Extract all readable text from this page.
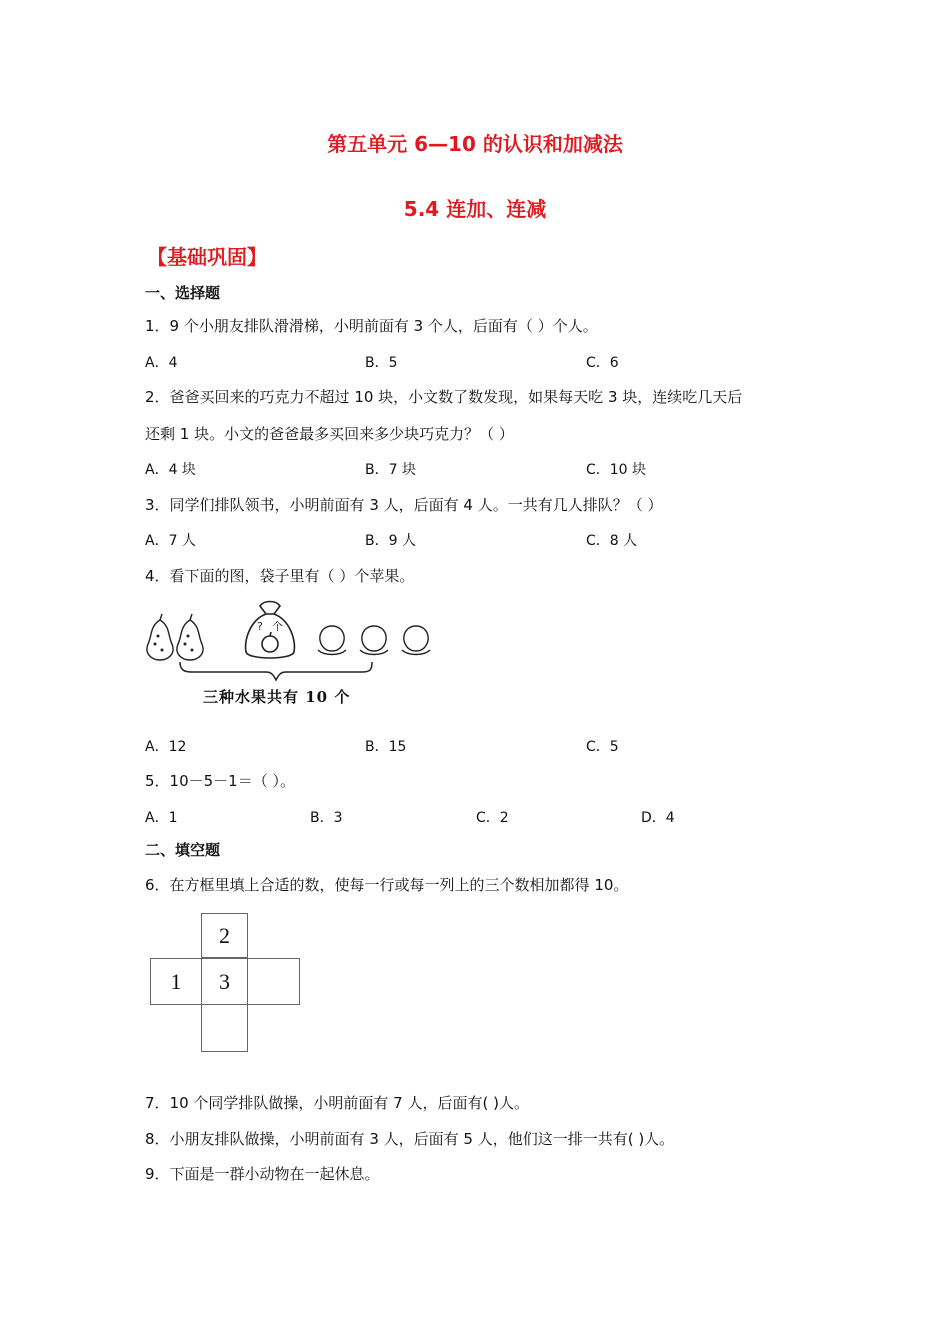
第五单元 6—10 的认识和加减法
5.4 连加、连减
【基础巩固】
一、选择题
1．9 个小朋友排队滑滑梯，小明前面有 3 个人，后面有（ ）个人。
A．4	B．5	C．6
2．爸爸买回来的巧克力不超过 10 块，小文数了数发现，如果每天吃 3 块，连续吃几天后
还剩 1 块。小文的爸爸最多买回来多少块巧克力？（ ）
A．4 块	B．7 块	C．10 块
3．同学们排队领书，小明前面有 3 人，后面有 4 人。一共有几人排队？（ ）
A．7 人	B．9 人	C．8 人
4．看下面的图，袋子里有（ ）个苹果。
? 个
三种水果共有 10 个
A．12	B．15	C．5
5．10－5－1＝（ ）。
A．1	B．3	C．2	D．4
二、填空题
6．在方框里填上合适的数，使每一行或每一列上的三个数相加都得 10。
2
1 3
7．10 个同学排队做操，小明前面有 7 人，后面有( )人。
8．小朋友排队做操，小明前面有 3 人，后面有 5 人，他们这一排一共有( )人。
9．下面是一群小动物在一起休息。
